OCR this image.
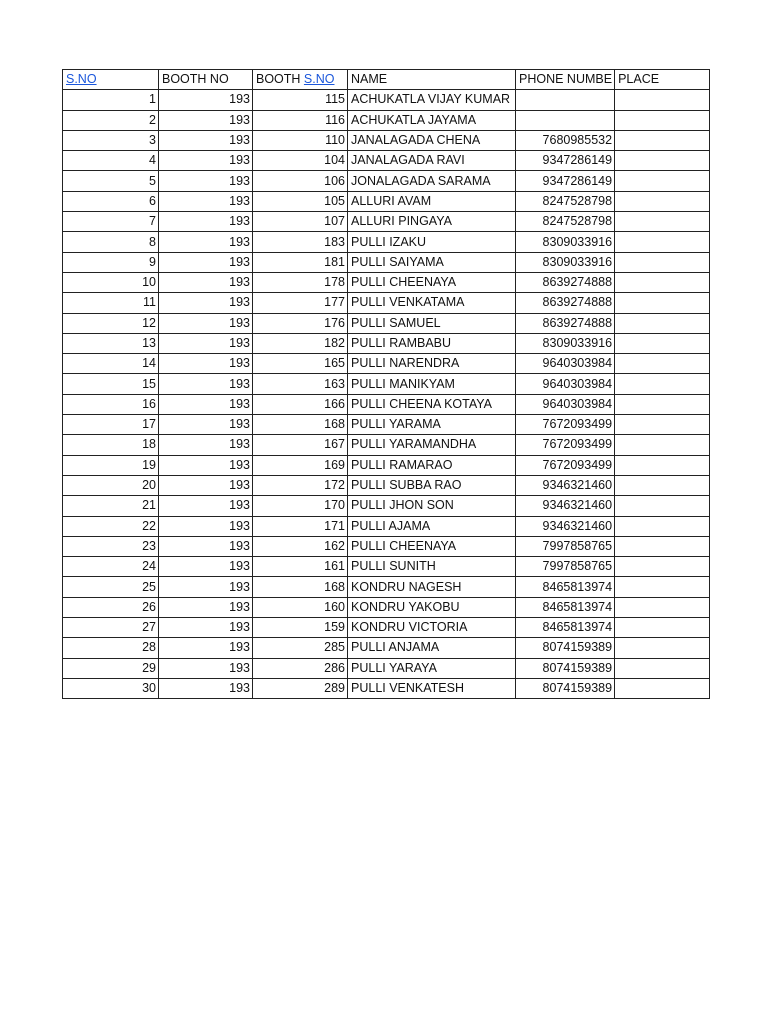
S.NO	BOOTH NO	BOOTH S.NO	NAME	PHONE NUMBE	PLACE
1	193	115	ACHUKATLA VIJAY KUMAR		
2	193	116	ACHUKATLA JAYAMA		
3	193	110	JANALAGADA CHENA	7680985532	
4	193	104	JANALAGADA RAVI	9347286149	
5	193	106	JONALAGADA SARAMA	9347286149	
6	193	105	ALLURI AVAM	8247528798	
7	193	107	ALLURI PINGAYA	8247528798	
8	193	183	PULLI IZAKU	8309033916	
9	193	181	PULLI SAIYAMA	8309033916	
10	193	178	PULLI CHEENAYA	8639274888	
11	193	177	PULLI VENKATAMA	8639274888	
12	193	176	PULLI SAMUEL	8639274888	
13	193	182	PULLI RAMBABU	8309033916	
14	193	165	PULLI NARENDRA	9640303984	
15	193	163	PULLI MANIKYAM	9640303984	
16	193	166	PULLI CHEENA KOTAYA	9640303984	
17	193	168	PULLI YARAMA	7672093499	
18	193	167	PULLI YARAMANDHA	7672093499	
19	193	169	PULLI RAMARAO	7672093499	
20	193	172	PULLI SUBBA RAO	9346321460	
21	193	170	PULLI JHON SON	9346321460	
22	193	171	PULLI AJAMA	9346321460	
23	193	162	PULLI CHEENAYA	7997858765	
24	193	161	PULLI SUNITH	7997858765	
25	193	168	KONDRU NAGESH	8465813974	
26	193	160	KONDRU YAKOBU	8465813974	
27	193	159	KONDRU VICTORIA	8465813974	
28	193	285	PULLI ANJAMA	8074159389	
29	193	286	PULLI YARAYA	8074159389	
30	193	289	PULLI VENKATESH	8074159389	
